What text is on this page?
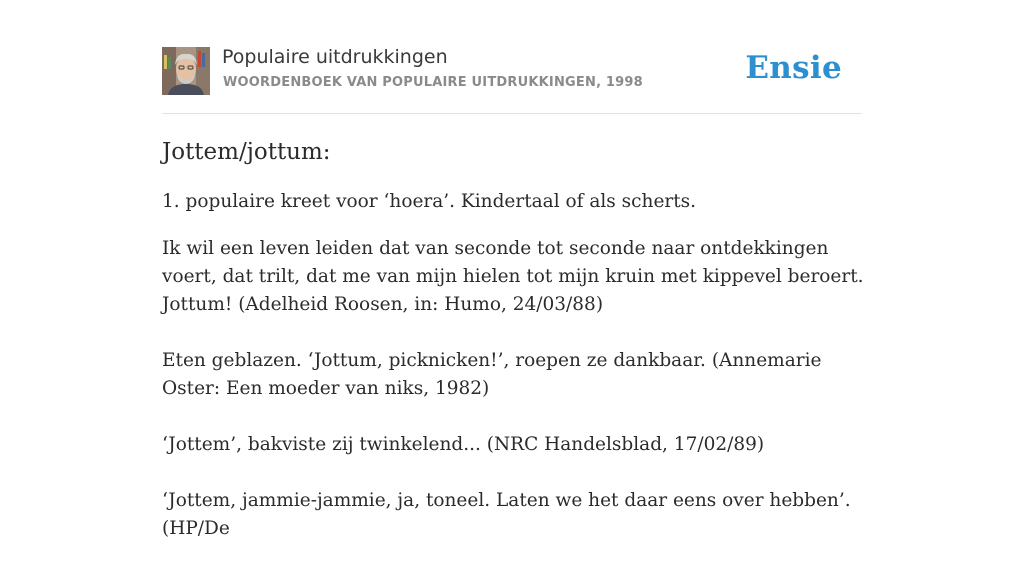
Populaire uitdrukkingen
WOORDENBOEK VAN POPULAIRE UITDRUKKINGEN, 1998	Ensie
Jottem/jottum:

1. populaire kreet voor ‘hoera’. Kindertaal of als scherts.

Ik wil een leven leiden dat van seconde tot seconde naar ontdekkingen voert, dat trilt, dat me van mijn hielen tot mijn kruin met kippevel beroert. Jottum! (Adelheid Roosen, in: Humo, 24/03/88)

Eten geblazen. ‘Jottum, picknicken!’, roepen ze dankbaar. (Annemarie Oster: Een moeder van niks, 1982)

‘Jottem’, bakviste zij twinkelend... (NRC Handelsblad, 17/02/89)

‘Jottem, jammie-jammie, ja, toneel. Laten we het daar eens over hebben’. (HP/De
